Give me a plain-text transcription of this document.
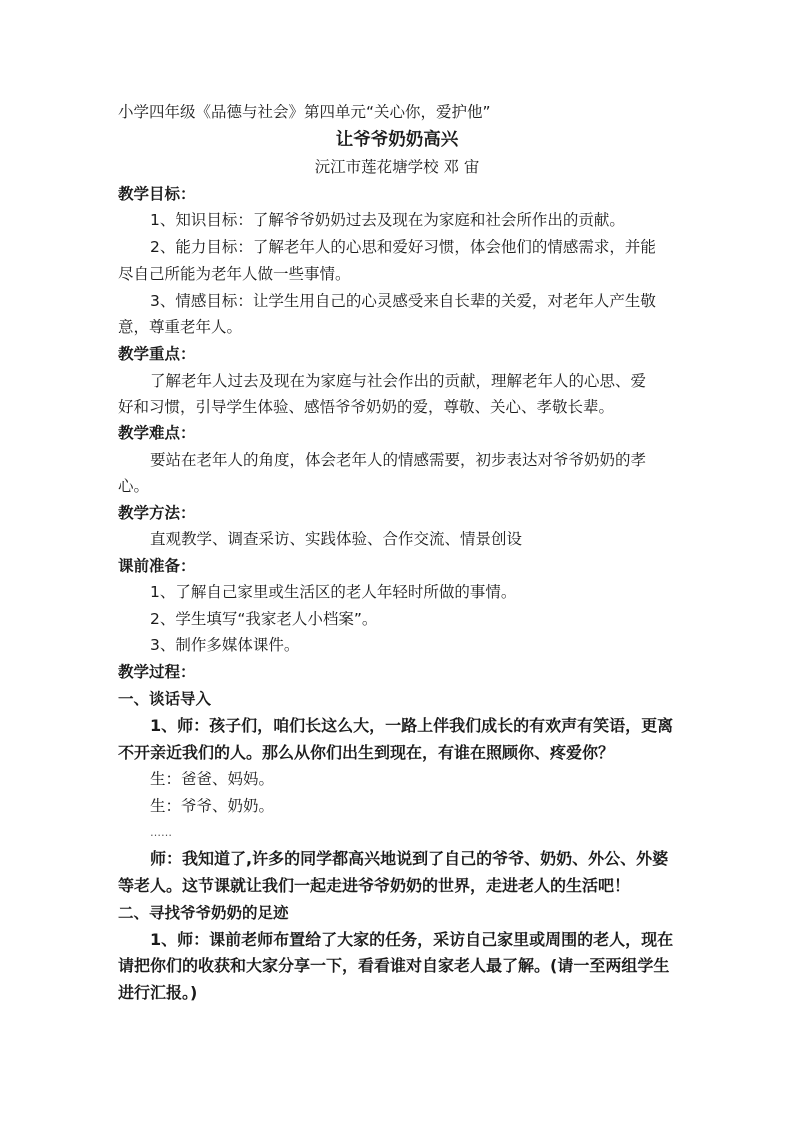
小学四年级《品德与社会》第四单元“关心你，爱护他”
让爷爷奶奶高兴
沅江市莲花塘学校 邓 宙
教学目标：
1、知识目标：了解爷爷奶奶过去及现在为家庭和社会所作出的贡献。
2、能力目标：了解老年人的心思和爱好习惯，体会他们的情感需求，并能
尽自己所能为老年人做一些事情。
3、情感目标：让学生用自己的心灵感受来自长辈的关爱，对老年人产生敬
意，尊重老年人。
教学重点：
了解老年人过去及现在为家庭与社会作出的贡献，理解老年人的心思、爱
好和习惯，引导学生体验、感悟爷爷奶奶的爱，尊敬、关心、孝敬长辈。
教学难点：
要站在老年人的角度，体会老年人的情感需要，初步表达对爷爷奶奶的孝
心。
教学方法：
直观教学、调查采访、实践体验、合作交流、情景创设
课前准备：
1、了解自己家里或生活区的老人年轻时所做的事情。
2、学生填写“我家老人小档案”。
3、制作多媒体课件。
教学过程：
一、谈话导入
1、师：孩子们，咱们长这么大，一路上伴我们成长的有欢声有笑语，更离
不开亲近我们的人。那么从你们出生到现在，有谁在照顾你、疼爱你？
生：爸爸、妈妈。
生：爷爷、奶奶。
……
师：我知道了,许多的同学都高兴地说到了自己的爷爷、奶奶、外公、外婆
等老人。这节课就让我们一起走进爷爷奶奶的世界，走进老人的生活吧！
二、寻找爷爷奶奶的足迹
1、师：课前老师布置给了大家的任务，采访自己家里或周围的老人，现在
请把你们的收获和大家分享一下，看看谁对自家老人最了解。(请一至两组学生
进行汇报。)
